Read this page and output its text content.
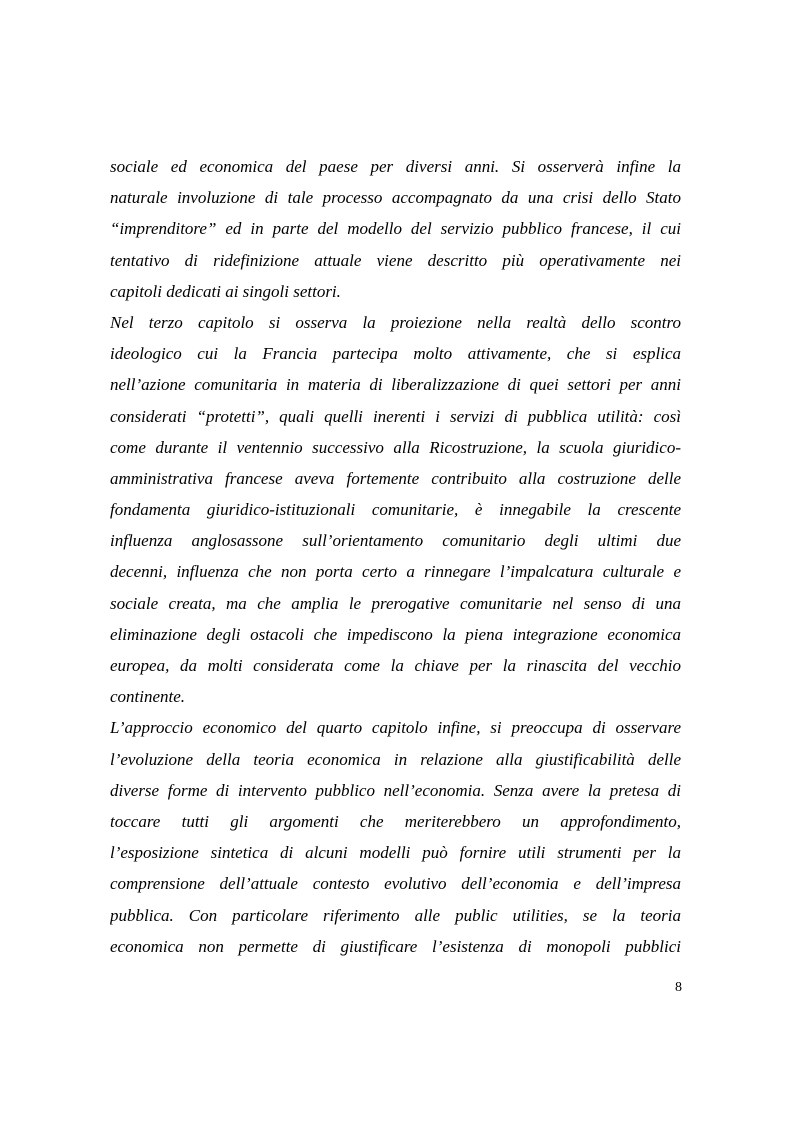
sociale ed economica del paese per diversi anni. Si osserverà infine la
naturale involuzione di tale processo accompagnato da una crisi dello Stato
“imprenditore” ed in parte del modello del servizio pubblico francese, il cui
tentativo di ridefinizione attuale viene descritto più operativamente nei
capitoli dedicati ai singoli settori.
Nel terzo capitolo si osserva la proiezione nella realtà dello scontro
ideologico cui la Francia partecipa molto attivamente, che si esplica
nell’azione comunitaria in materia di liberalizzazione di quei settori per anni
considerati “protetti”, quali quelli inerenti i servizi di pubblica utilità: così
come durante il ventennio successivo alla Ricostruzione, la scuola giuridico-
amministrativa francese aveva fortemente contribuito alla costruzione delle
fondamenta giuridico-istituzionali comunitarie, è innegabile la crescente
influenza anglosassone sull’orientamento comunitario degli ultimi due
decenni, influenza che non porta certo a rinnegare l’impalcatura culturale e
sociale creata, ma che amplia le prerogative comunitarie nel senso di una
eliminazione degli ostacoli che impediscono la piena integrazione economica
europea, da molti considerata come la chiave per la rinascita del vecchio
continente.
L’approccio economico del quarto capitolo infine, si preoccupa di osservare
l’evoluzione della teoria economica in relazione alla giustificabilità delle
diverse forme di intervento pubblico nell’economia. Senza avere la pretesa di
toccare tutti gli argomenti che meriterebbero un approfondimento,
l’esposizione sintetica di alcuni modelli può fornire utili strumenti per la
comprensione dell’attuale contesto evolutivo dell’economia e dell’impresa
pubblica. Con particolare riferimento alle public utilities, se la teoria
economica non permette di giustificare l’esistenza di monopoli pubblici
8
